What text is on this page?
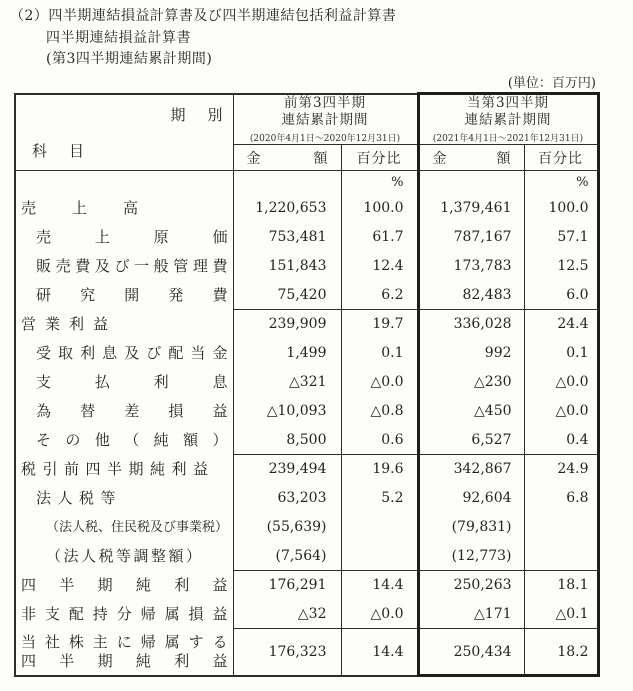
（2）四半期連結損益計算書及び四半期連結包括利益計算書
四半期連結損益計算書
(第3四半期連結累計期間)
(単位：百万円)
期別
科目

前第3四半期
連結累計期間
(2020年4月1日～2020年12月31日)

当第3四半期
連結累計期間
(2021年4月1日～2021年12月31日)

	金額	百分比	金額	百分比
		%		%

売上高	1,220,653	100.0	1,379,461	100.0

売上原価	753,481	61.7	787,167	57.1

販売費及び一般管理費	151,843	12.4	173,783	12.5

研究開発費	75,420	6.2	82,483	6.0

営業利益	239,909	19.7	336,028	24.4

受取利息及び配当金	1,499	0.1	992	0.1

支払利息	△321	△0.0	△230	△0.0

為替差損益	△10,093	△0.8	△450	△0.0

その他（純額）	8,500	0.6	6,527	0.4

税引前四半期純利益	239,494	19.6	342,867	24.9

法人税等	63,203	5.2	92,604	6.8

（法人税、住民税及び事業税）	(55,639)		(79,831)	

（法人税等調整額）	(7,564)		(12,773)	

四半期純利益	176,291	14.4	250,263	18.1

非支配持分帰属損益	△32	△0.0	△171	△0.1

当社株主に帰属する
四半期純利益	176,323	14.4	250,434	18.2
